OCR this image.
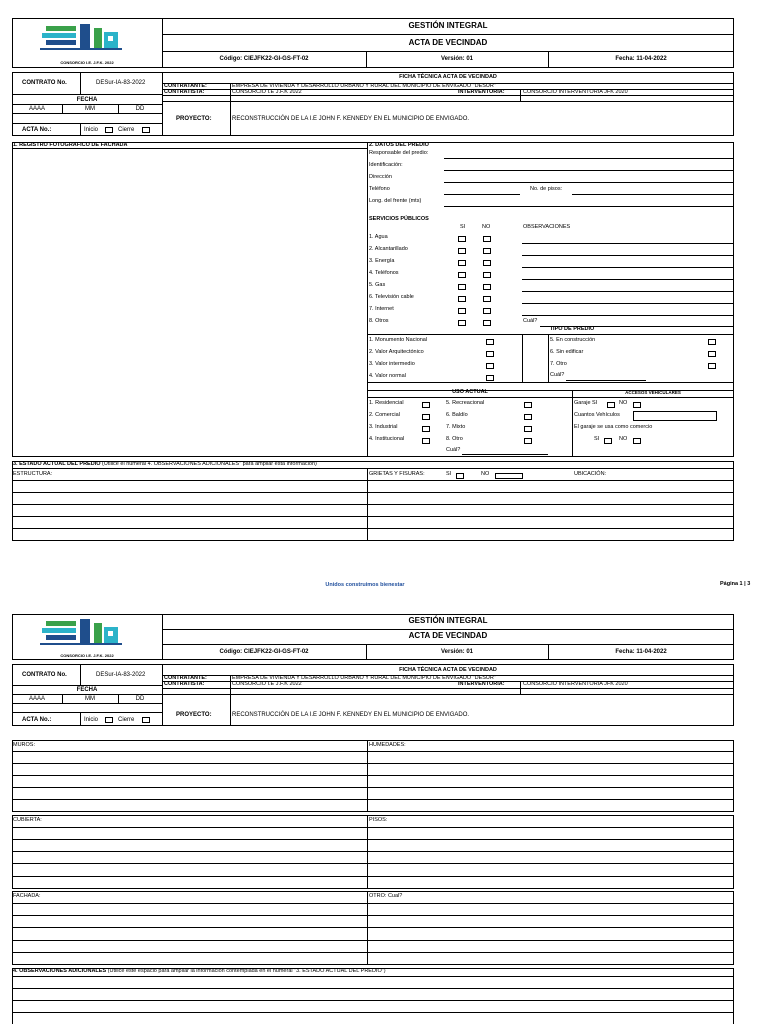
GESTIÓN INTEGRAL
ACTA DE VECINDAD
Código: CIEJFK22-GI-GS-FT-02	Versión: 01	Fecha: 11-04-2022
CONSORCIO I.E. J.F.K. 2022
CONTRATO No.	DESur-IA-83-2022
FECHA
AAAA	MM	DD
ACTA No.:	Inicio	Cierre
FICHA TÉCNICA ACTA DE VECINDAD
CONTRATANTE:	EMPRESA DE VIVIENDA Y DESARROLLO URBANO Y RURAL DEL MUNICIPIO DE ENVIGADO "DESUR"
CONTRATISTA:	CONSORCIO I.E J.F.K 2022	INTERVENTORIA:	CONSORCIO INTERVENTORIA JFK 2020
PROYECTO:	RECONSTRUCCIÓN DE LA I.E JOHN F. KENNEDY EN EL MUNICIPIO DE ENVIGADO.
1. REGISTRO FOTOGRAFICO DE FACHADA	2. DATOS DEL PREDIO
Responsable del predio:
Identificación:
Dirección
Teléfono	No. de pisos:
Long. del frente (mts)
SERVICIOS PÚBLICOS
SI	NO	OBSERVACIONES
1. Agua
2. Alcantarillado
3. Energía
4. Teléfonos
5. Gas
6. Televisión cable
7. Internet
8. Otros	Cuál?
TIPO DE PREDIO
1. Monumento Nacional
2. Valor Arquitectónico
3. Valor intermedio
4. Valor normal
5. En construcción
6. Sin edificar
7. Otro
Cuál?
USO ACTUAL	ACCESOS VEHICULARES
1. Residencial
2. Comercial
3. Industrial
4. Institucional
5. Recreacional
6. Baldío
7. Mixto
8. Otro
Cuál?
Garaje SI	NO
Cuantos Vehículos
El garaje se usa como comercio
SI	NO
3. ESTADO ACTUAL DEL PREDIO (Utilice el numeral 4. OBSERVACIONES ADICIONALES" para ampliar esta información)
ESTRUCTURA:	GRIETAS Y FISURAS:	SI	NO	UBICACIÓN:
Unidos construimos bienestar	Página 1 | 3
GESTIÓN INTEGRAL
ACTA DE VECINDAD
Código: CIEJFK22-GI-GS-FT-02	Versión: 01	Fecha: 11-04-2022
CONSORCIO I.E. J.F.K. 2022
CONTRATO No.	DESur-IA-83-2022
FECHA
AAAA	MM	DD
ACTA No.:	Inicio	Cierre
FICHA TÉCNICA ACTA DE VECINDAD
CONTRATANTE:	EMPRESA DE VIVIENDA Y DESARROLLO URBANO Y RURAL DEL MUNICIPIO DE ENVIGADO "DESUR"
CONTRATISTA:	CONSORCIO I.E J.F.K 2022	INTERVENTORIA:	CONSORCIO INTERVENTORIA JFK 2020
PROYECTO:	RECONSTRUCCIÓN DE LA I.E JOHN F. KENNEDY EN EL MUNICIPIO DE ENVIGADO.
MUROS:	HUMEDADES:
CUBIERTA:	PISOS:
FACHADA:	OTRO: Cual?
4. OBSERVACIONES ADICIONALES (Utilice este espacio para ampliar la información contemplada en el numeral "3. ESTADO ACTUAL DEL PREDIO")
